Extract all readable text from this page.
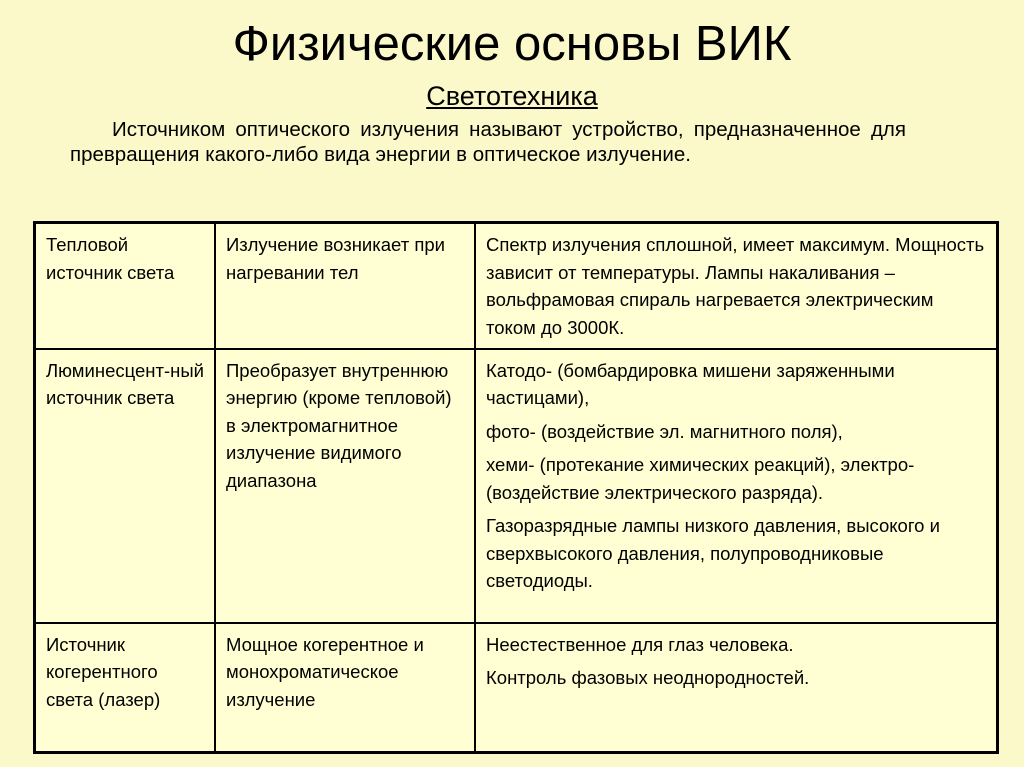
Физические основы ВИК
Светотехника
Источником оптического излучения называют устройство, предназначенное для превращения какого-либо вида энергии в оптическое излучение.
Тепловой источник света	Излучение возникает при нагревании тел	Спектр излучения сплошной, имеет максимум. Мощность зависит от температуры. Лампы накаливания – вольфрамовая спираль нагревается электрическим током до 3000К.

Люминесцент-ный источник света	Преобразует внутреннюю энергию (кроме тепловой) в электромагнитное излучение видимого диапазона	Катодо- (бомбардировка мишени заряженными частицами),

фото- (воздействие эл. магнитного поля),

хеми- (протекание химических реакций), электро- (воздействие электрического разряда).

Газоразрядные лампы низкого давления, высокого и сверхвысокого давления, полупроводниковые светодиоды.

Источник когерентного света (лазер)	Мощное когерентное и монохроматическое излучение	Неестественное для глаз человека.

Контроль фазовых неоднородностей.
